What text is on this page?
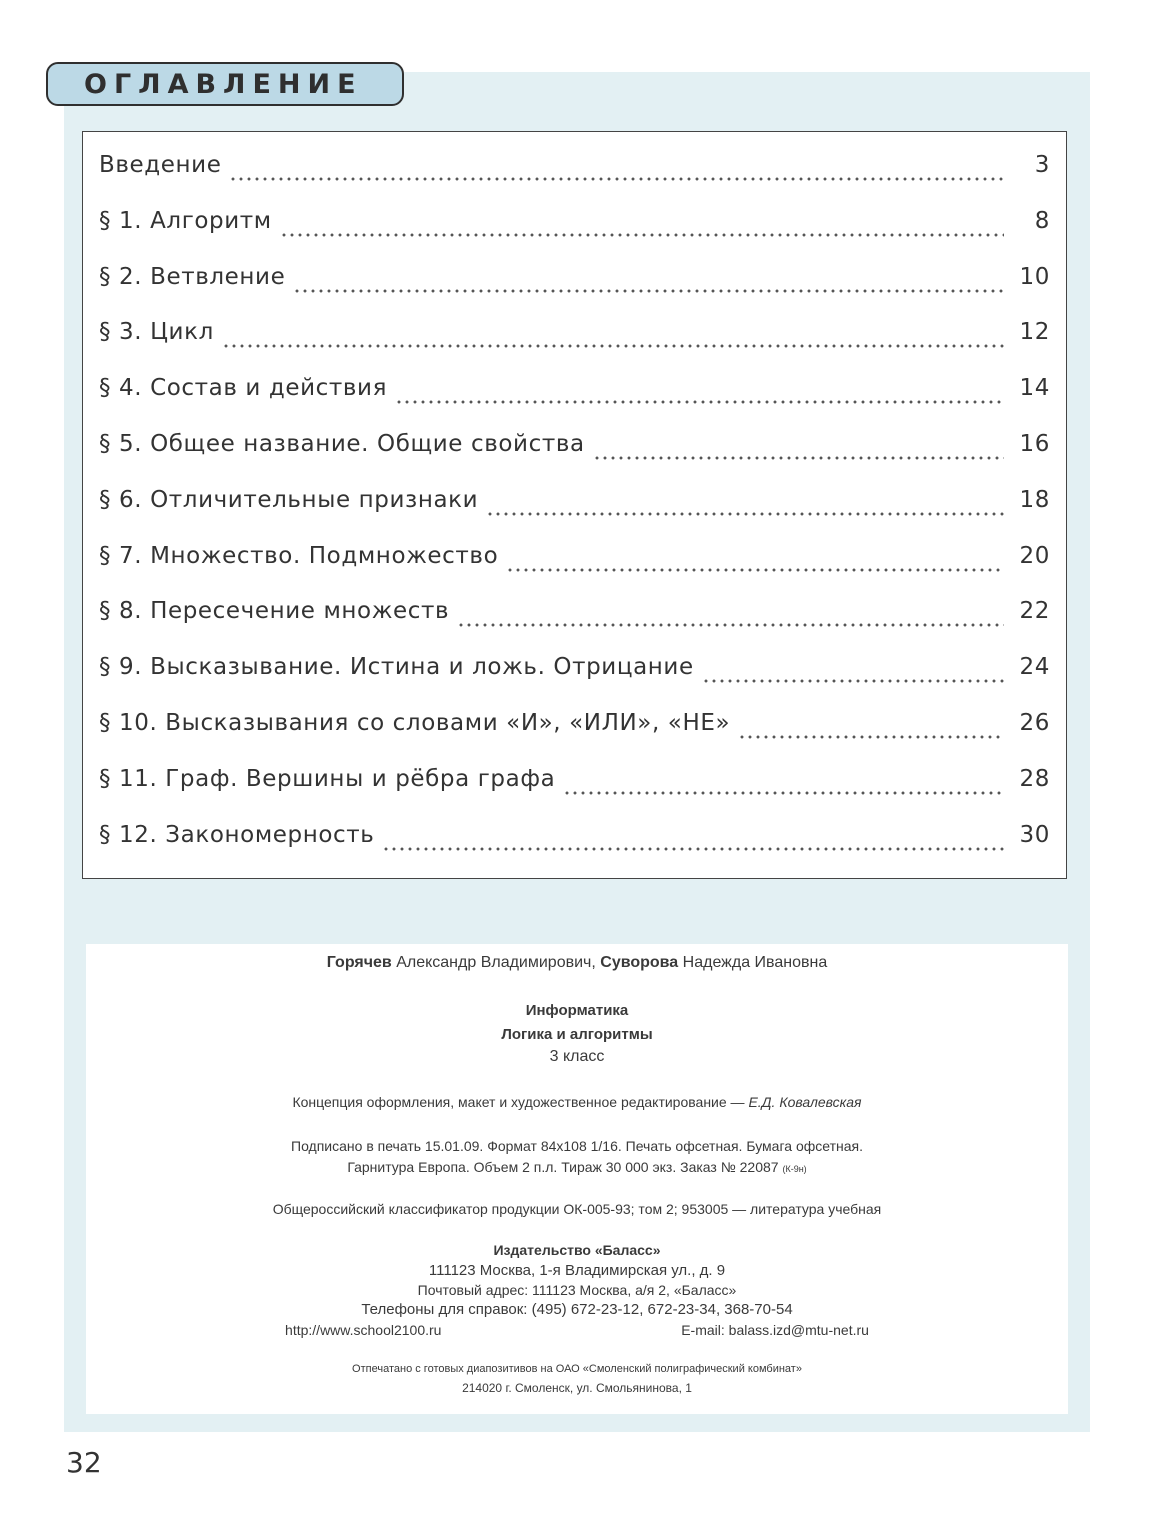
ОГЛАВЛЕНИЕ
Введение	3
§ 1. Алгоритм	8
§ 2. Ветвление	10
§ 3. Цикл	12
§ 4. Состав и действия	14
§ 5. Общее название. Общие свойства	16
§ 6. Отличительные признаки	18
§ 7. Множество. Подмножество	20
§ 8. Пересечение множеств	22
§ 9. Высказывание. Истина и ложь. Отрицание	24
§ 10. Высказывания со словами «И», «ИЛИ», «НЕ»	26
§ 11. Граф. Вершины и рёбра графа	28
§ 12. Закономерность	30
Горячев Александр Владимирович, Суворова Надежда Ивановна
Информатика
Логика и алгоритмы
3 класс
Концепция оформления, макет и художественное редактирование — Е.Д. Ковалевская
Подписано в печать 15.01.09. Формат 84x108 1/16. Печать офсетная. Бумага офсетная.
Гарнитура Европа. Объем 2 п.л. Тираж 30 000 экз. Заказ № 22087 (К-9н)
Общероссийский классификатор продукции ОК-005-93; том 2; 953005 — литература учебная
Издательство «Баласс»
111123 Москва, 1-я Владимирская ул., д. 9
Почтовый адрес: 111123 Москва, а/я 2, «Баласс»
Телефоны для справок: (495) 672-23-12, 672-23-34, 368-70-54
http://www.school2100.ru	E-mail: balass.izd@mtu-net.ru
Отпечатано с готовых диапозитивов на ОАО «Смоленский полиграфический комбинат»
214020 г. Смоленск, ул. Смольянинова, 1
32
